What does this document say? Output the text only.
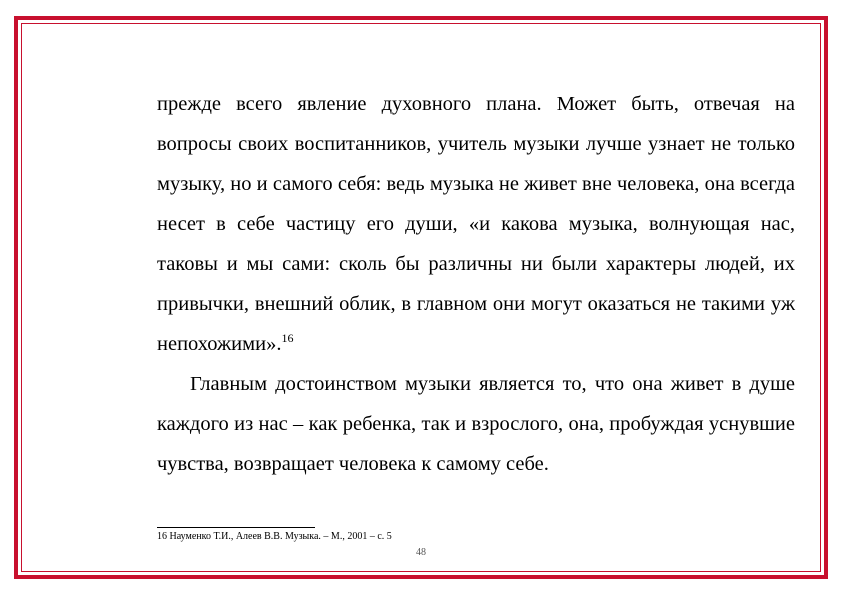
прежде всего явление духовного плана. Может быть, отвечая на вопросы своих воспитанников, учитель музыки лучше узнает не только музыку, но и самого себя: ведь музыка не живет вне человека, она всегда несет в себе частицу его души, «и какова музыка, волнующая нас, таковы и мы сами: сколь бы различны ни были характеры людей, их привычки, внешний облик, в главном они могут оказаться не такими уж непохожими».$^{16}$

Главным достоинством музыки является то, что она живет в душе каждого из нас – как ребенка, так и взрослого, она, пробуждая уснувшие чувства, возвращает человека к самому себе.

16 Науменко Т.И., Алеев В.В. Музыка. – М., 2001 – с. 5
48
